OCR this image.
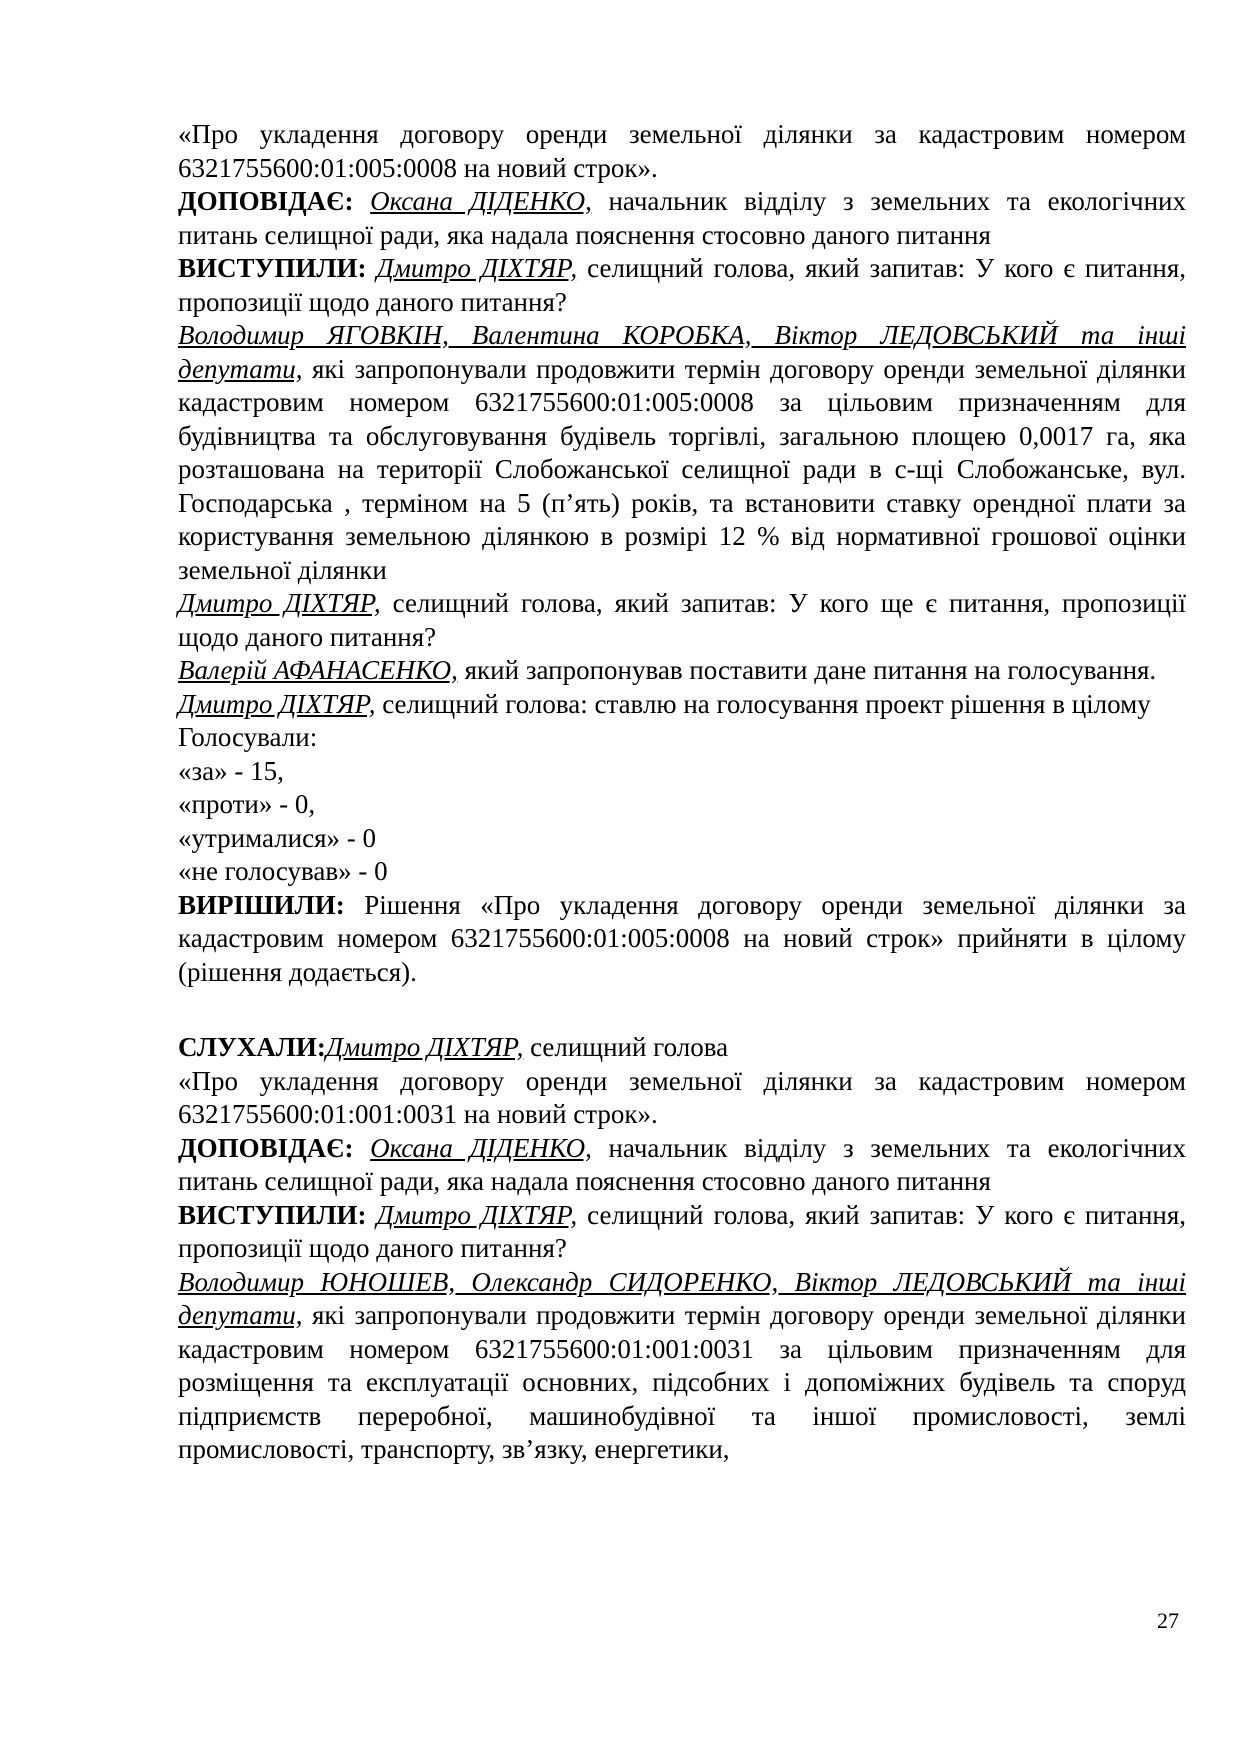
«Про укладення договору оренди земельної ділянки за кадастровим номером 6321755600:01:005:0008 на новий строк».

ДОПОВІДАЄ: Оксана ДІДЕНКО, начальник відділу з земельних та екологічних питань селищної ради, яка надала пояснення стосовно даного питання

ВИСТУПИЛИ: Дмитро ДІХТЯР, селищний голова, який запитав: У кого є питання, пропозиції щодо даного питання?

Володимир ЯГОВКІН, Валентина КОРОБКА, Віктор ЛЕДОВСЬКИЙ та інші депутати, які запропонували продовжити термін договору оренди земельної ділянки кадастровим номером 6321755600:01:005:0008 за цільовим призначенням для будівництва та обслуговування будівель торгівлі, загальною площею 0,0017 га, яка розташована на території Слобожанської селищної ради в с-щі Слобожанське, вул. Господарська , терміном на 5 (п’ять) років, та встановити ставку орендної плати за користування земельною ділянкою в розмірі 12 % від нормативної грошової оцінки земельної ділянки

Дмитро ДІХТЯР, селищний голова, який запитав: У кого ще є питання, пропозиції щодо даного питання?

Валерій АФАНАСЕНКО, який запропонував поставити дане питання на голосування.

Дмитро ДІХТЯР, селищний голова: ставлю на голосування проект рішення в цілому

Голосували:

«за» - 15,

«проти» - 0,

«утрималися» - 0

«не голосував» - 0

ВИРІШИЛИ: Рішення «Про укладення договору оренди земельної ділянки за кадастровим номером 6321755600:01:005:0008 на новий строк» прийняти в цілому (рішення додається).

СЛУХАЛИ:Дмитро ДІХТЯР, селищний голова

«Про укладення договору оренди земельної ділянки за кадастровим номером 6321755600:01:001:0031 на новий строк».

ДОПОВІДАЄ: Оксана ДІДЕНКО, начальник відділу з земельних та екологічних питань селищної ради, яка надала пояснення стосовно даного питання

ВИСТУПИЛИ: Дмитро ДІХТЯР, селищний голова, який запитав: У кого є питання, пропозиції щодо даного питання?

Володимир ЮНОШЕВ, Олександр СИДОРЕНКО, Віктор ЛЕДОВСЬКИЙ та інші депутати, які запропонували продовжити термін договору оренди земельної ділянки кадастровим номером 6321755600:01:001:0031 за цільовим призначенням для розміщення та експлуатації основних, підсобних і допоміжних будівель та споруд підприємств переробної, машинобудівної та іншої промисловості, землі промисловості, транспорту, зв’язку, енергетики,

27
